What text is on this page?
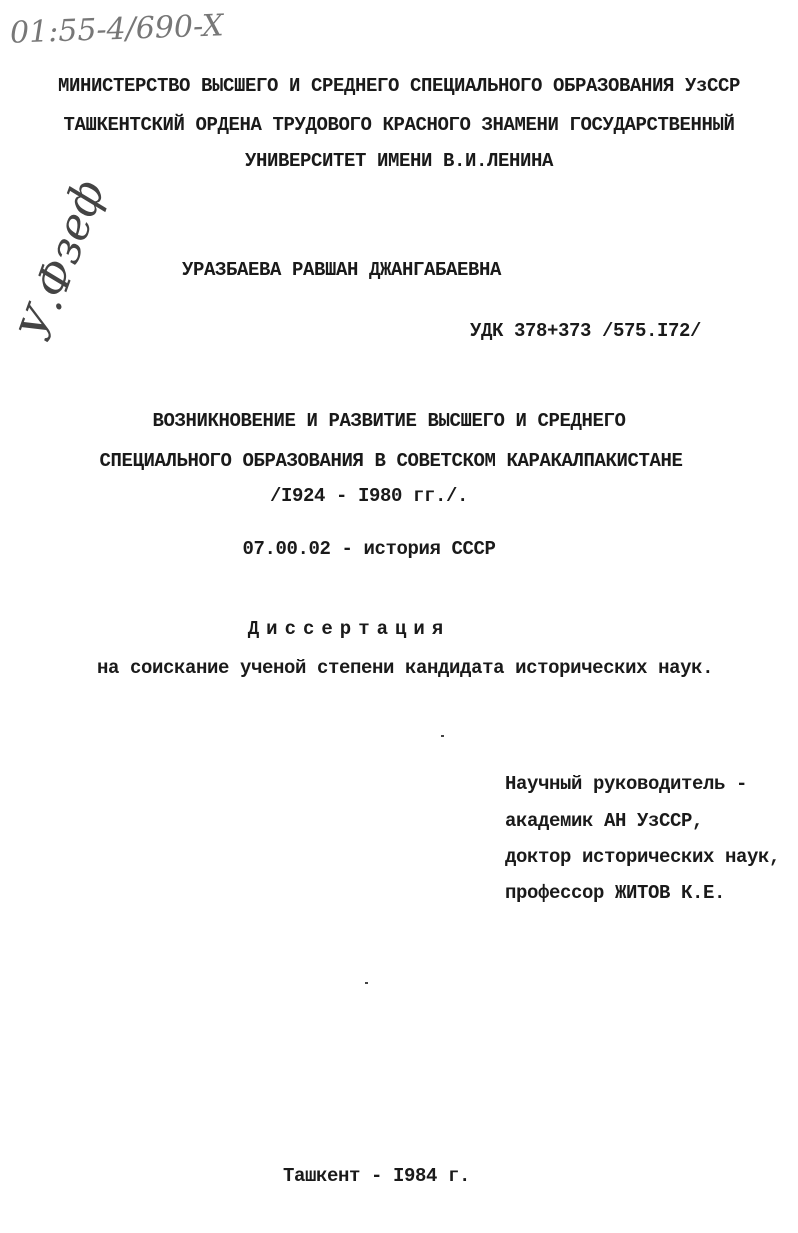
01:55-4/690-X
МИНИСТЕРСТВО ВЫСШЕГО И СРЕДНЕГО СПЕЦИАЛЬНОГО ОБРАЗОВАНИЯ УзССР
ТАШКЕНТСКИЙ ОРДЕНА ТРУДОВОГО КРАСНОГО ЗНАМЕНИ ГОСУДАРСТВЕННЫЙ
УНИВЕРСИТЕТ ИМЕНИ В.И.ЛЕНИНА
УРАЗБАЕВА РАВШАН ДЖАНГАБАЕВНА
УДК 378+373 /575.I72/
У.Фзеф
ВОЗНИКНОВЕНИЕ И РАЗВИТИЕ ВЫСШЕГО И СРЕДНЕГО
СПЕЦИАЛЬНОГО ОБРАЗОВАНИЯ В СОВЕТСКОМ КАРАКАЛПАКИСТАНЕ
/I924 - I980 гг./.
07.00.02 - история СССР
Диссертация
на соискание ученой степени кандидата исторических наук.
Научный руководитель -
академик АН УзССР,
доктор исторических наук,
профессор ЖИТОВ К.Е.
Ташкент - I984 г.
